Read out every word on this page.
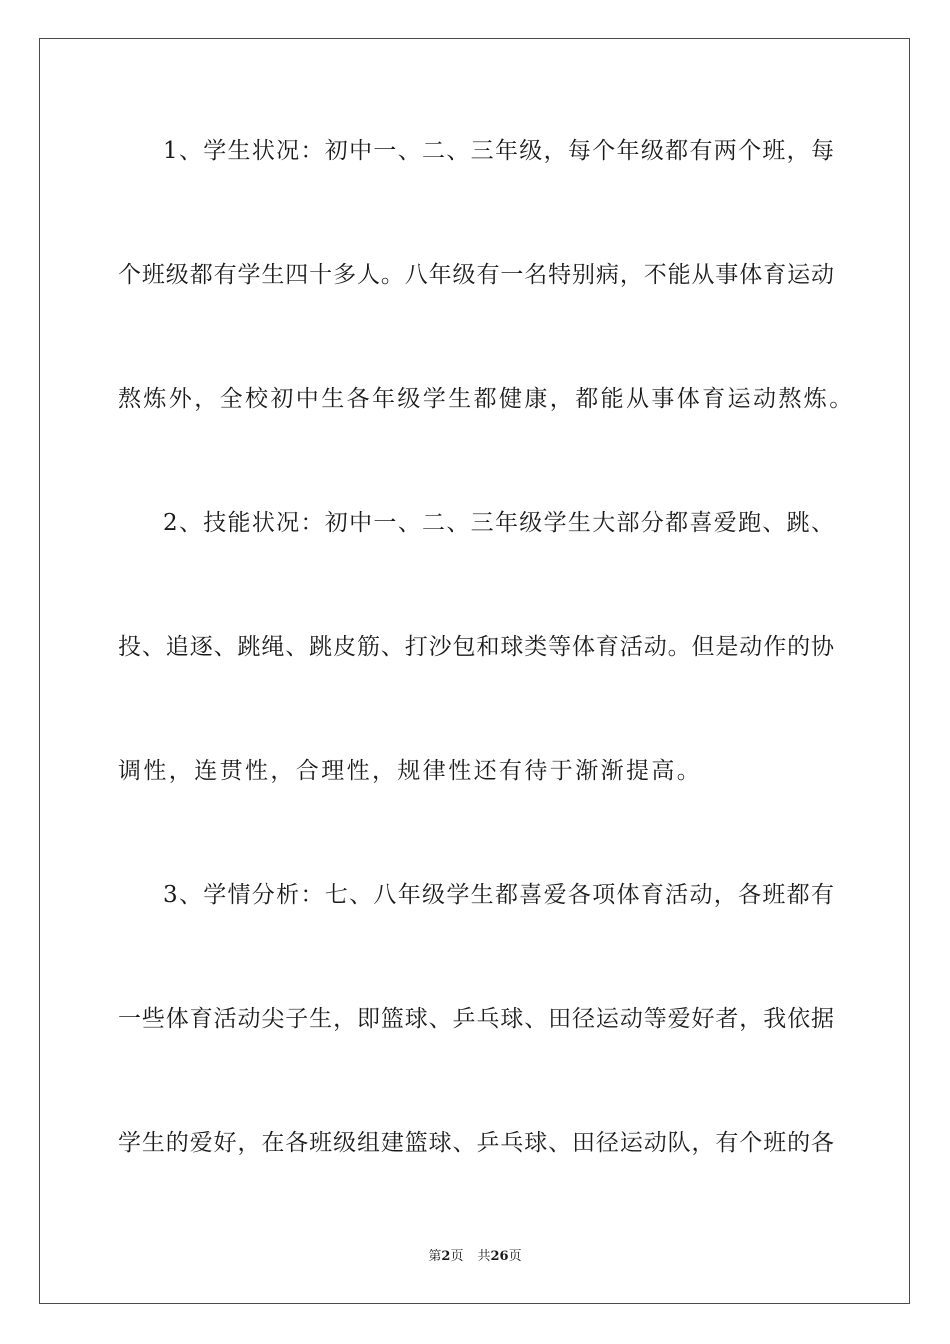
1、学生状况：初中一、二、三年级，每个年级都有两个班，每
个班级都有学生四十多人。八年级有一名特别病，不能从事体育运动
熬炼外，全校初中生各年级学生都健康，都能从事体育运动熬炼。
2、技能状况：初中一、二、三年级学生大部分都喜爱跑、跳、
投、追逐、跳绳、跳皮筋、打沙包和球类等体育活动。但是动作的协
调性，连贯性，合理性，规律性还有待于渐渐提高。
3、学情分析：七、八年级学生都喜爱各项体育活动，各班都有
一些体育活动尖子生，即篮球、乒乓球、田径运动等爱好者，我依据
学生的爱好，在各班级组建篮球、乒乓球、田径运动队，有个班的各
第2页 共26页
